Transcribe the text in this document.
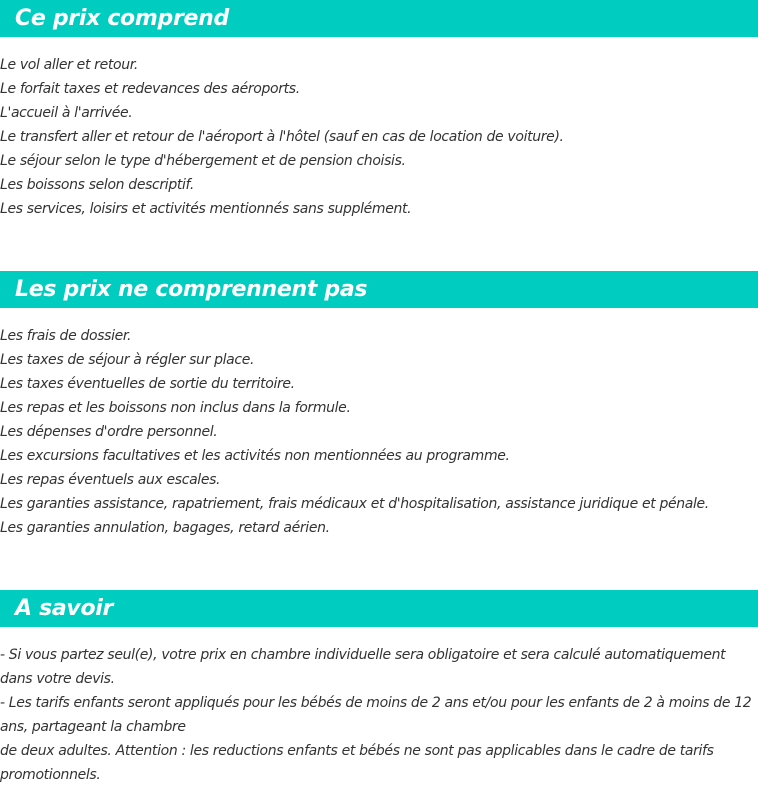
Ce prix comprend
Le vol aller et retour.
Le forfait taxes et redevances des aéroports.
L'accueil à l'arrivée.
Le transfert aller et retour de l'aéroport à l'hôtel (sauf en cas de location de voiture).
Le séjour selon le type d'hébergement et de pension choisis.
Les boissons selon descriptif.
Les services, loisirs et activités mentionnés sans supplément.
Les prix ne comprennent pas
Les frais de dossier.
Les taxes de séjour à régler sur place.
Les taxes éventuelles de sortie du territoire.
Les repas et les boissons non inclus dans la formule.
Les dépenses d'ordre personnel.
Les excursions facultatives et les activités non mentionnées au programme.
Les repas éventuels aux escales.
Les garanties assistance, rapatriement, frais médicaux et d'hospitalisation, assistance juridique et pénale.
Les garanties annulation, bagages, retard aérien.
A savoir
- Si vous partez seul(e), votre prix en chambre individuelle sera obligatoire et sera calculé automatiquement dans votre devis.
- Les tarifs enfants seront appliqués pour les bébés de moins de 2 ans et/ou pour les enfants de 2 à moins de 12 ans, partageant la chambre
de deux adultes. Attention : les reductions enfants et bébés ne sont pas applicables dans le cadre de tarifs promotionnels.
